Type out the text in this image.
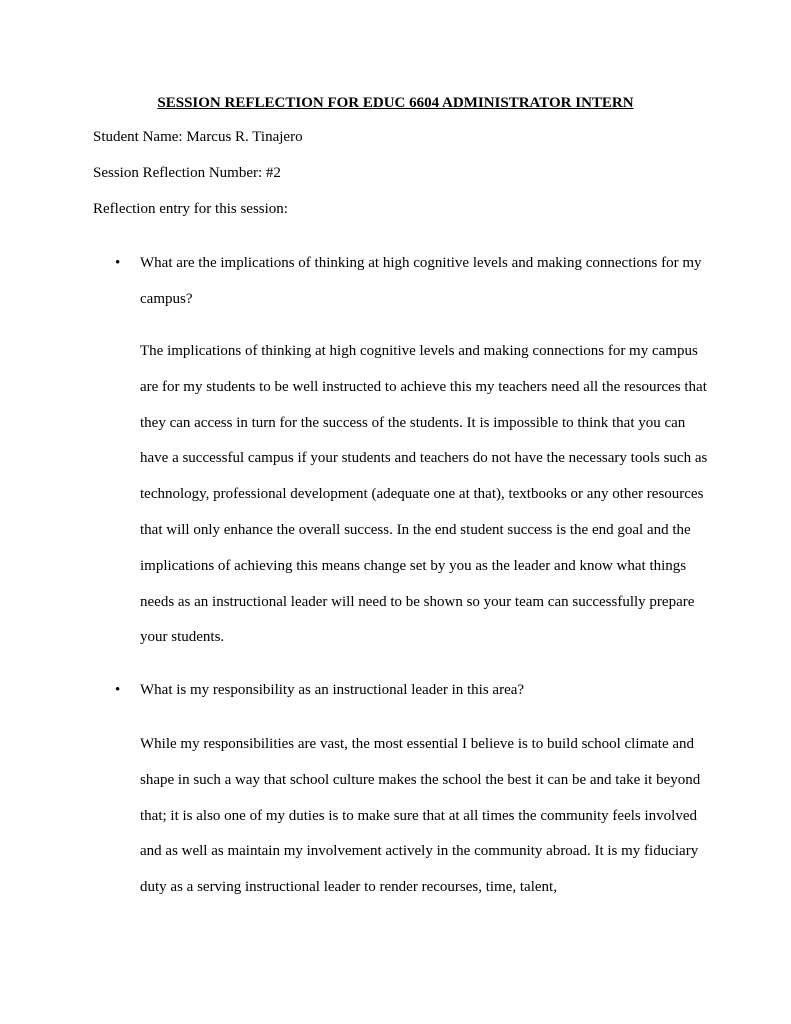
SESSION REFLECTION FOR EDUC 6604 ADMINISTRATOR INTERN
Student Name: Marcus R. Tinajero
Session Reflection Number: #2
Reflection entry for this session:
• What are the implications of thinking at high cognitive levels and making connections for my campus?
The implications of thinking at high cognitive levels and making connections for my campus are for my students to be well instructed to achieve this my teachers need all the resources that they can access in turn for the success of the students. It is impossible to think that you can have a successful campus if your students and teachers do not have the necessary tools such as technology, professional development (adequate one at that), textbooks or any other resources that will only enhance the overall success. In the end student success is the end goal and the implications of achieving this means change set by you as the leader and know what things needs as an instructional leader will need to be shown so your team can successfully prepare your students.
• What is my responsibility as an instructional leader in this area?
While my responsibilities are vast, the most essential I believe is to build school climate and shape in such a way that school culture makes the school the best it can be and take it beyond that; it is also one of my duties is to make sure that at all times the community feels involved and as well as maintain my involvement actively in the community abroad. It is my fiduciary duty as a serving instructional leader to render recourses, time, talent,
